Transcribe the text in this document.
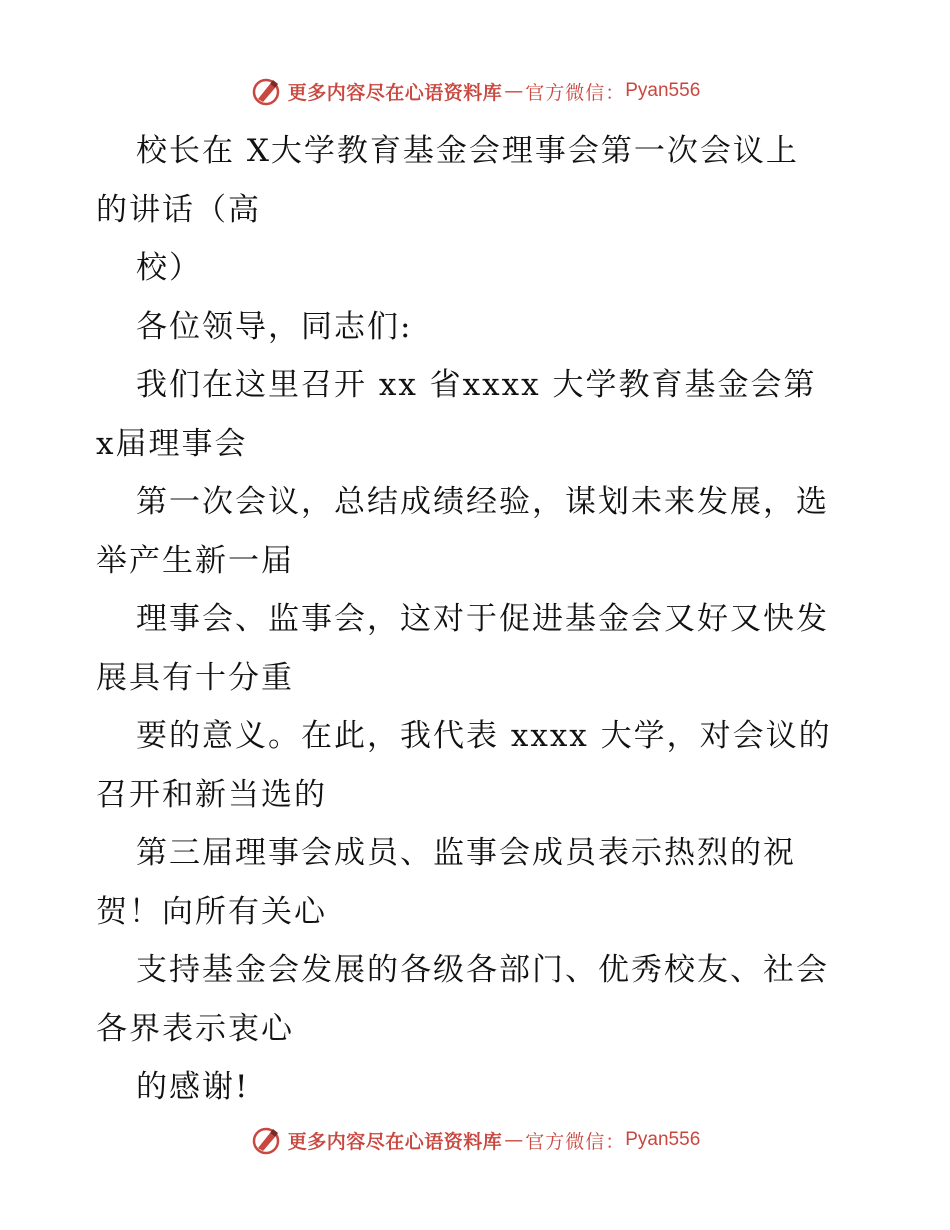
更多内容尽在心语资料库 — 官方微信： Pyan556
校长在 X大学教育基金会理事会第一次会议上
的讲话（高
校）
各位领导，同志们:
我们在这里召开 xx 省xxxx 大学教育基金会第
x届理事会
第一次会议，总结成绩经验，谋划未来发展，选
举产生新一届
理事会、监事会，这对于促进基金会又好又快发
展具有十分重
要的意义。在此，我代表 xxxx 大学，对会议的
召开和新当选的
第三届理事会成员、监事会成员表示热烈的祝
贺！向所有关心
支持基金会发展的各级各部门、优秀校友、社会
各界表示衷心
的感谢!
更多内容尽在心语资料库 — 官方微信： Pyan556
